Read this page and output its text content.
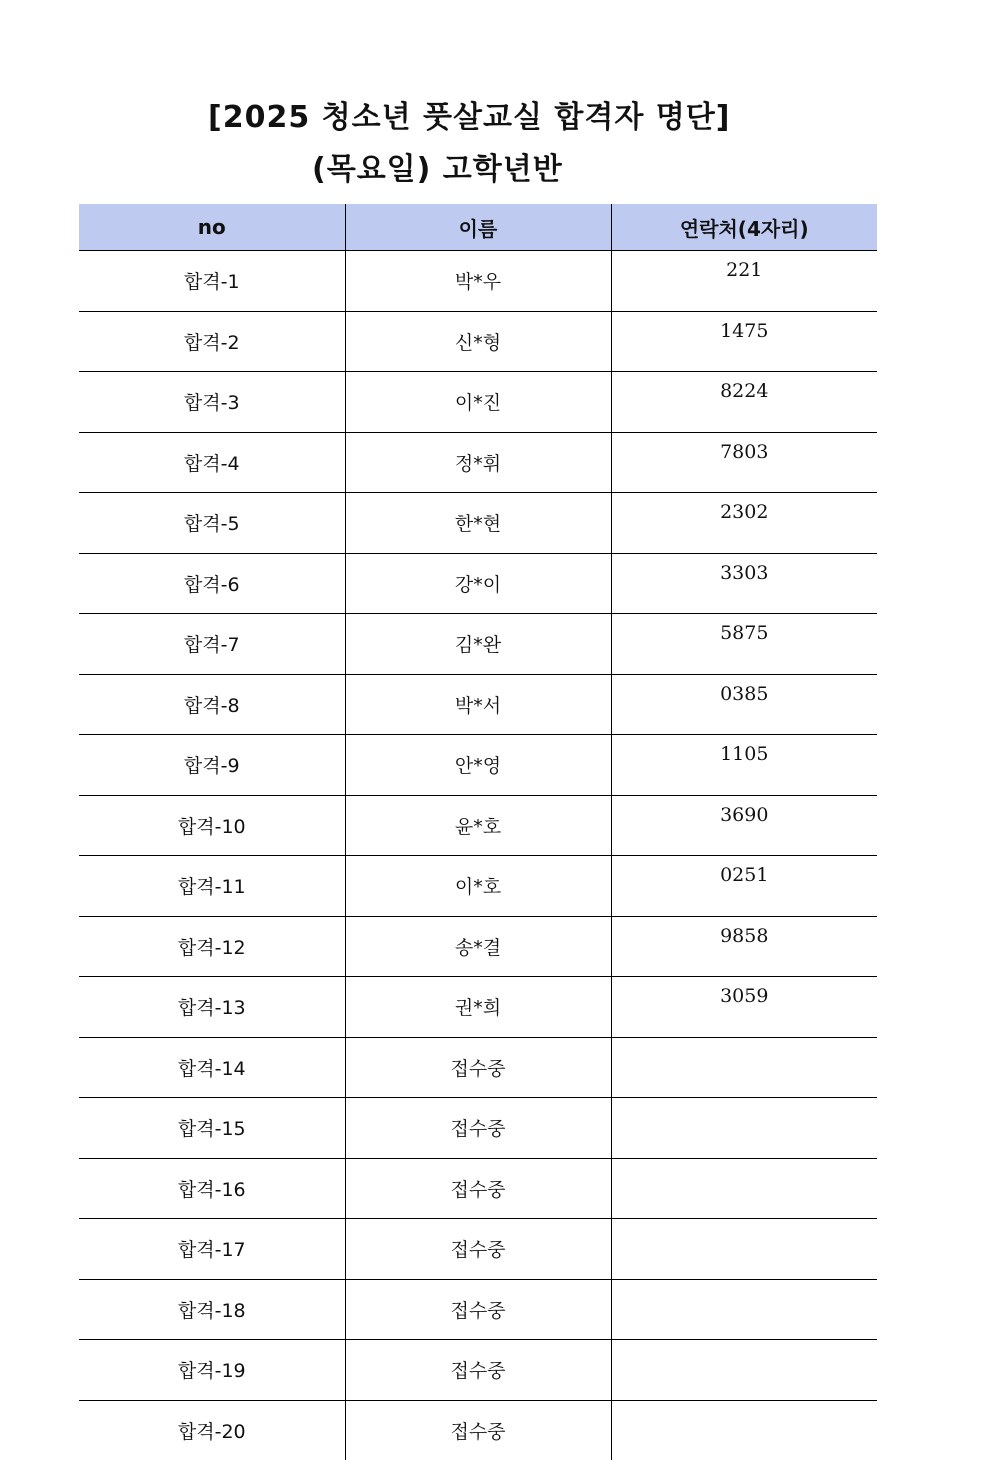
[2025 청소년 풋살교실 합격자 명단]
(목요일) 고학년반
no	이름	연락처(4자리)
합격-1	박*우	221
합격-2	신*형	1475
합격-3	이*진	8224
합격-4	정*휘	7803
합격-5	한*현	2302
합격-6	강*이	3303
합격-7	김*완	5875
합격-8	박*서	0385
합격-9	안*영	1105
합격-10	윤*호	3690
합격-11	이*호	0251
합격-12	송*결	9858
합격-13	권*희	3059
합격-14	접수중	
합격-15	접수중	
합격-16	접수중	
합격-17	접수중	
합격-18	접수중	
합격-19	접수중	
합격-20	접수중	
